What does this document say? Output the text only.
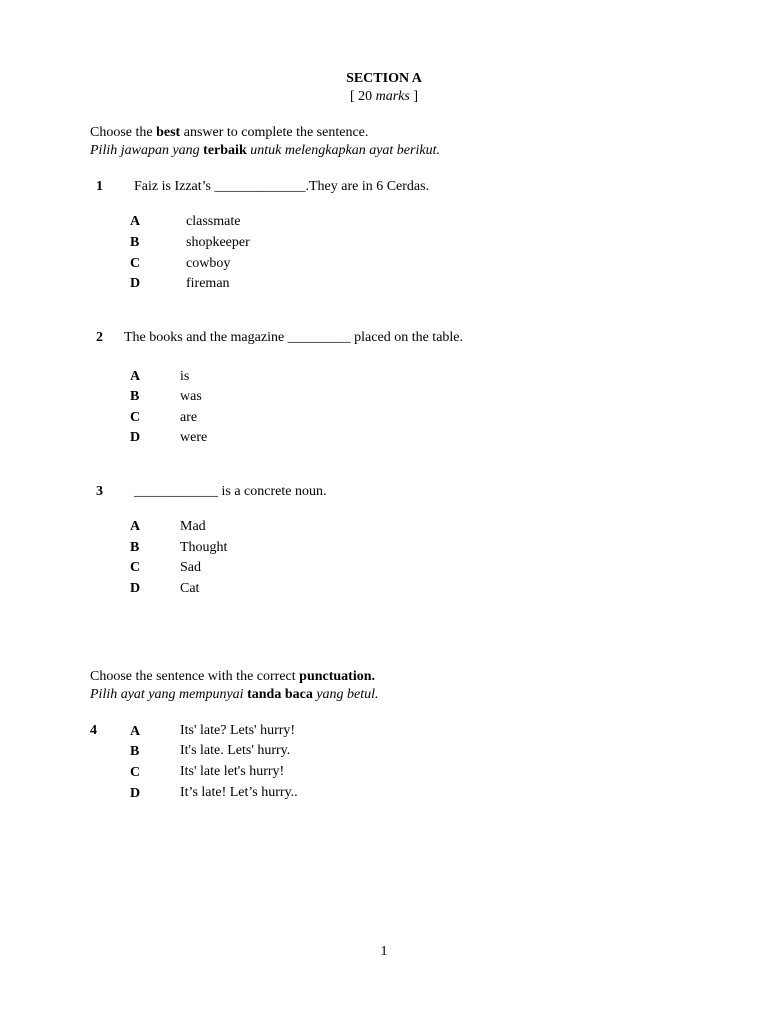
SECTION A
[ 20 marks ]
Choose the best answer to complete the sentence.
Pilih jawapan yang terbaik untuk melengkapkan ayat berikut.
1 Faiz is Izzat’s _____________.They are in 6 Cerdas.
A	classmate
B	shopkeeper
C	cowboy
D	fireman
2 The books and the magazine _________ placed on the table.
A	is
B	was
C	are
D	were
3 ____________ is a concrete noun.
A	Mad
B	Thought
C	Sad
D	Cat
Choose the sentence with the correct punctuation.
Pilih ayat yang mempunyai tanda baca yang betul.
4 A	Its' late? Lets' hurry!
B	It's late. Lets' hurry.
C	Its' late let's hurry!
D	It’s late! Let’s hurry..
1
